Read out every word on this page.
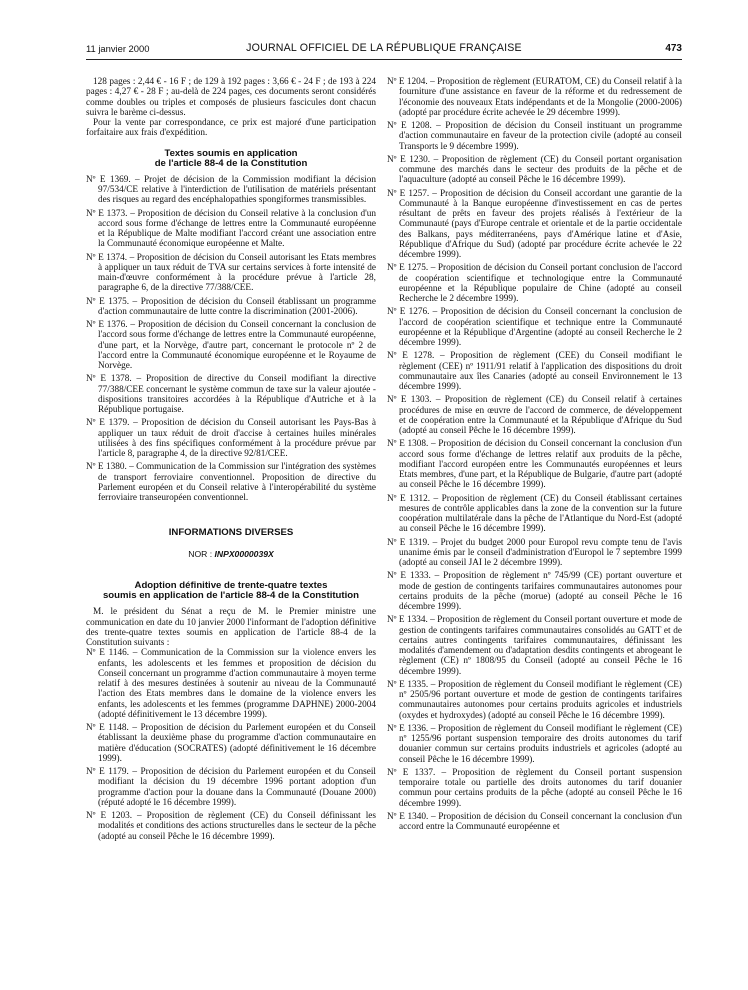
11 janvier 2000	JOURNAL OFFICIEL DE LA RÉPUBLIQUE FRANÇAISE	473

128 pages : 2,44 € - 16 F ; de 129 à 192 pages : 3,66 € - 24 F ; de 193 à 224 pages : 4,27 € - 28 F ; au-delà de 224 pages, ces documents seront considérés comme doubles ou triples et composés de plusieurs fascicules dont chacun suivra le barème ci-dessus.

Pour la vente par correspondance, ce prix est majoré d'une participation forfaitaire aux frais d'expédition.

Textes soumis en application
de l'article 88-4 de la Constitution

Nº E 1369. – Projet de décision de la Commission modifiant la décision 97/534/CE relative à l'interdiction de l'utilisation de matériels présentant des risques au regard des encéphalopathies spongiformes transmissibles.

Nº E 1373. – Proposition de décision du Conseil relative à la conclusion d'un accord sous forme d'échange de lettres entre la Communauté européenne et la République de Malte modifiant l'accord créant une association entre la Communauté économique européenne et Malte.

Nº E 1374. – Proposition de décision du Conseil autorisant les Etats membres à appliquer un taux réduit de TVA sur certains services à forte intensité de main-d'œuvre conformément à la procédure prévue à l'article 28, paragraphe 6, de la directive 77/388/CEE.

Nº E 1375. – Proposition de décision du Conseil établissant un programme d'action communautaire de lutte contre la discrimination (2001-2006).

Nº E 1376. – Proposition de décision du Conseil concernant la conclusion de l'accord sous forme d'échange de lettres entre la Communauté européenne, d'une part, et la Norvège, d'autre part, concernant le protocole nº 2 de l'accord entre la Communauté économique européenne et le Royaume de Norvège.

Nº E 1378. – Proposition de directive du Conseil modifiant la directive 77/388/CEE concernant le système commun de taxe sur la valeur ajoutée - dispositions transitoires accordées à la République d'Autriche et à la République portugaise.

Nº E 1379. – Proposition de décision du Conseil autorisant les Pays-Bas à appliquer un taux réduit de droit d'accise à certaines huiles minérales utilisées à des fins spécifiques conformément à la procédure prévue par l'article 8, paragraphe 4, de la directive 92/81/CEE.

Nº E 1380. – Communication de la Commission sur l'intégration des systèmes de transport ferroviaire conventionnel. Proposition de directive du Parlement européen et du Conseil relative à l'interopérabilité du système ferroviaire transeuropéen conventionnel.

INFORMATIONS DIVERSES
NOR : INPX0000039X
Adoption définitive de trente-quatre textes
soumis en application de l'article 88-4 de la Constitution

M. le président du Sénat a reçu de M. le Premier ministre une communication en date du 10 janvier 2000 l'informant de l'adoption définitive des trente-quatre textes soumis en application de l'article 88-4 de la Constitution suivants :

Nº E 1146. – Communication de la Commission sur la violence envers les enfants, les adolescents et les femmes et proposition de décision du Conseil concernant un programme d'action communautaire à moyen terme relatif à des mesures destinées à soutenir au niveau de la Communauté l'action des Etats membres dans le domaine de la violence envers les enfants, les adolescents et les femmes (programme DAPHNE) 2000-2004 (adopté définitivement le 13 décembre 1999).

Nº E 1148. – Proposition de décision du Parlement européen et du Conseil établissant la deuxième phase du programme d'action communautaire en matière d'éducation (SOCRATES) (adopté définitivement le 16 décembre 1999).

Nº E 1179. – Proposition de décision du Parlement européen et du Conseil modifiant la décision du 19 décembre 1996 portant adoption d'un programme d'action pour la douane dans la Communauté (Douane 2000) (réputé adopté le 16 décembre 1999).

Nº E 1203. – Proposition de règlement (CE) du Conseil définissant les modalités et conditions des actions structurelles dans le secteur de la pêche (adopté au conseil Pêche le 16 décembre 1999).

Nº E 1204. – Proposition de règlement (EURATOM, CE) du Conseil relatif à la fourniture d'une assistance en faveur de la réforme et du redressement de l'économie des nouveaux Etats indépendants et de la Mongolie (2000-2006) (adopté par procédure écrite achevée le 29 décembre 1999).

Nº E 1208. – Proposition de décision du Conseil instituant un programme d'action communautaire en faveur de la protection civile (adopté au conseil Transports le 9 décembre 1999).

Nº E 1230. – Proposition de règlement (CE) du Conseil portant organisation commune des marchés dans le secteur des produits de la pêche et de l'aquaculture (adopté au conseil Pêche le 16 décembre 1999).

Nº E 1257. – Proposition de décision du Conseil accordant une garantie de la Communauté à la Banque européenne d'investissement en cas de pertes résultant de prêts en faveur des projets réalisés à l'extérieur de la Communauté (pays d'Europe centrale et orientale et de la partie occidentale des Balkans, pays méditerranéens, pays d'Amérique latine et d'Asie, République d'Afrique du Sud) (adopté par procédure écrite achevée le 22 décembre 1999).

Nº E 1275. – Proposition de décision du Conseil portant conclusion de l'accord de coopération scientifique et technologique entre la Communauté européenne et la République populaire de Chine (adopté au conseil Recherche le 2 décembre 1999).

Nº E 1276. – Proposition de décision du Conseil concernant la conclusion de l'accord de coopération scientifique et technique entre la Communauté européenne et la République d'Argentine (adopté au conseil Recherche le 2 décembre 1999).

Nº E 1278. – Proposition de règlement (CEE) du Conseil modifiant le règlement (CEE) nº 1911/91 relatif à l'application des dispositions du droit communautaire aux îles Canaries (adopté au conseil Environnement le 13 décembre 1999).

Nº E 1303. – Proposition de règlement (CE) du Conseil relatif à certaines procédures de mise en œuvre de l'accord de commerce, de développement et de coopération entre la Communauté et la République d'Afrique du Sud (adopté au conseil Pêche le 16 décembre 1999).

Nº E 1308. – Proposition de décision du Conseil concernant la conclusion d'un accord sous forme d'échange de lettres relatif aux produits de la pêche, modifiant l'accord européen entre les Communautés européennes et leurs Etats membres, d'une part, et la République de Bulgarie, d'autre part (adopté au conseil Pêche le 16 décembre 1999).

Nº E 1312. – Proposition de règlement (CE) du Conseil établissant certaines mesures de contrôle applicables dans la zone de la convention sur la future coopération multilatérale dans la pêche de l'Atlantique du Nord-Est (adopté au conseil Pêche le 16 décembre 1999).

Nº E 1319. – Projet du budget 2000 pour Europol revu compte tenu de l'avis unanime émis par le conseil d'administration d'Europol le 7 septembre 1999 (adopté au conseil JAI le 2 décembre 1999).

Nº E 1333. – Proposition de règlement nº 745/99 (CE) portant ouverture et mode de gestion de contingents tarifaires communautaires autonomes pour certains produits de la pêche (morue) (adopté au conseil Pêche le 16 décembre 1999).

Nº E 1334. – Proposition de règlement du Conseil portant ouverture et mode de gestion de contingents tarifaires communautaires consolidés au GATT et de certains autres contingents tarifaires communautaires, définissant les modalités d'amendement ou d'adaptation desdits contingents et abrogeant le règlement (CE) nº 1808/95 du Conseil (adopté au conseil Pêche le 16 décembre 1999).

Nº E 1335. – Proposition de règlement du Conseil modifiant le règlement (CE) nº 2505/96 portant ouverture et mode de gestion de contingents tarifaires communautaires autonomes pour certains produits agricoles et industriels (oxydes et hydroxydes) (adopté au conseil Pêche le 16 décembre 1999).

Nº E 1336. – Proposition de règlement du Conseil modifiant le règlement (CE) nº 1255/96 portant suspension temporaire des droits autonomes du tarif douanier commun sur certains produits industriels et agricoles (adopté au conseil Pêche le 16 décembre 1999).

Nº E 1337. – Proposition de règlement du Conseil portant suspension temporaire totale ou partielle des droits autonomes du tarif douanier commun pour certains produits de la pêche (adopté au conseil Pêche le 16 décembre 1999).

Nº E 1340. – Proposition de décision du Conseil concernant la conclusion d'un accord entre la Communauté européenne et
